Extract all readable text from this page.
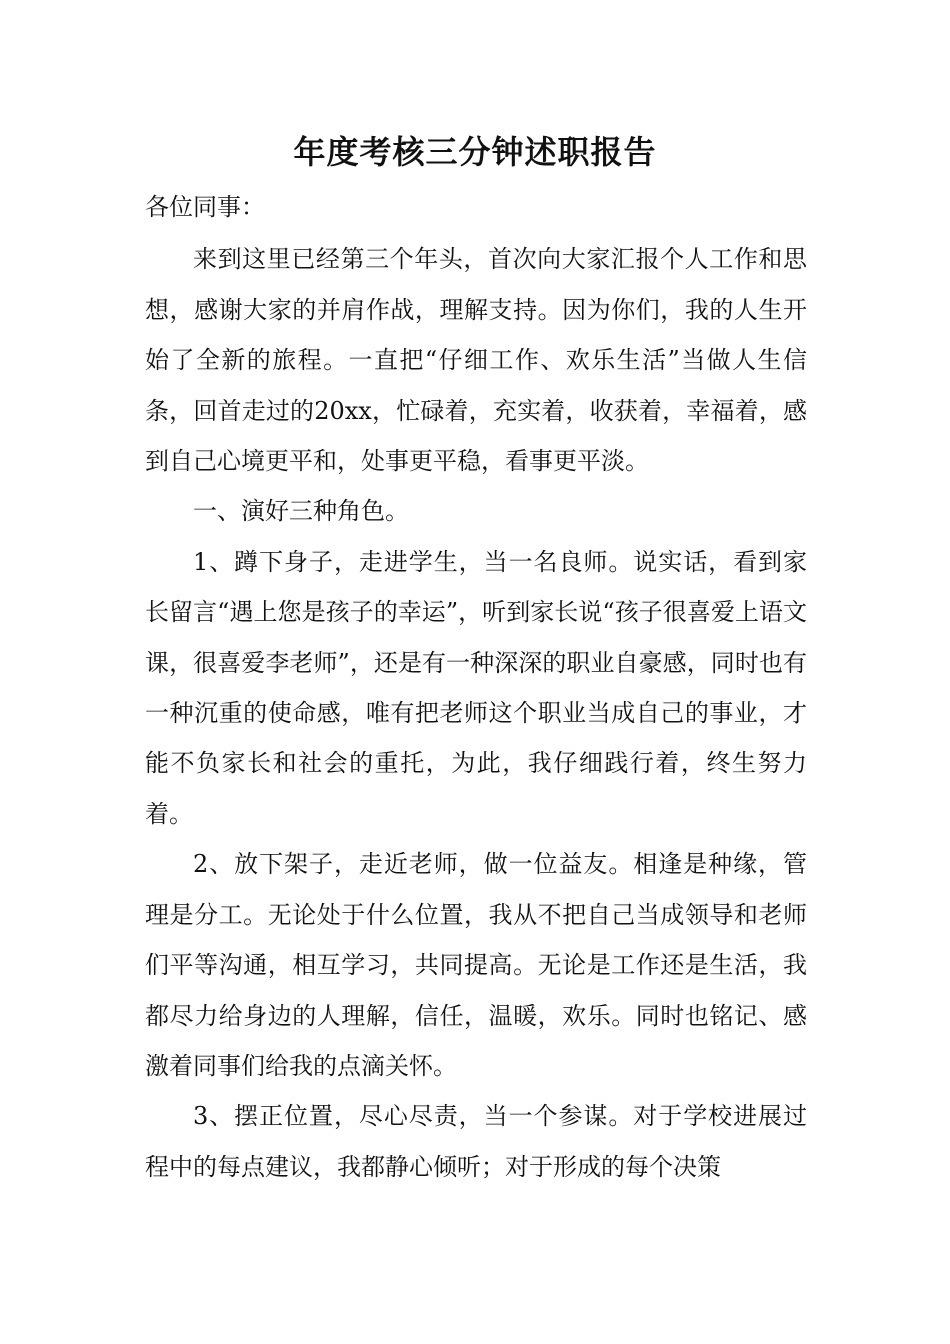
年度考核三分钟述职报告

各位同事：

来到这里已经第三个年头，首次向大家汇报个人工作和思想，感谢大家的并肩作战，理解支持。因为你们，我的人生开始了全新的旅程。一直把“仔细工作、欢乐生活”当做人生信条，回首走过的20xx，忙碌着，充实着，收获着，幸福着，感到自己心境更平和，处事更平稳，看事更平淡。

一、演好三种角色。

1、蹲下身子，走进学生，当一名良师。说实话，看到家长留言“遇上您是孩子的幸运”，听到家长说“孩子很喜爱上语文课，很喜爱李老师”，还是有一种深深的职业自豪感，同时也有一种沉重的使命感，唯有把老师这个职业当成自己的事业，才能不负家长和社会的重托，为此，我仔细践行着，终生努力着。

2、放下架子，走近老师，做一位益友。相逢是种缘，管理是分工。无论处于什么位置，我从不把自己当成领导和老师们平等沟通，相互学习，共同提高。无论是工作还是生活，我都尽力给身边的人理解，信任，温暖，欢乐。同时也铭记、感激着同事们给我的点滴关怀。

3、摆正位置，尽心尽责，当一个参谋。对于学校进展过程中的每点建议，我都静心倾听；对于形成的每个决策
